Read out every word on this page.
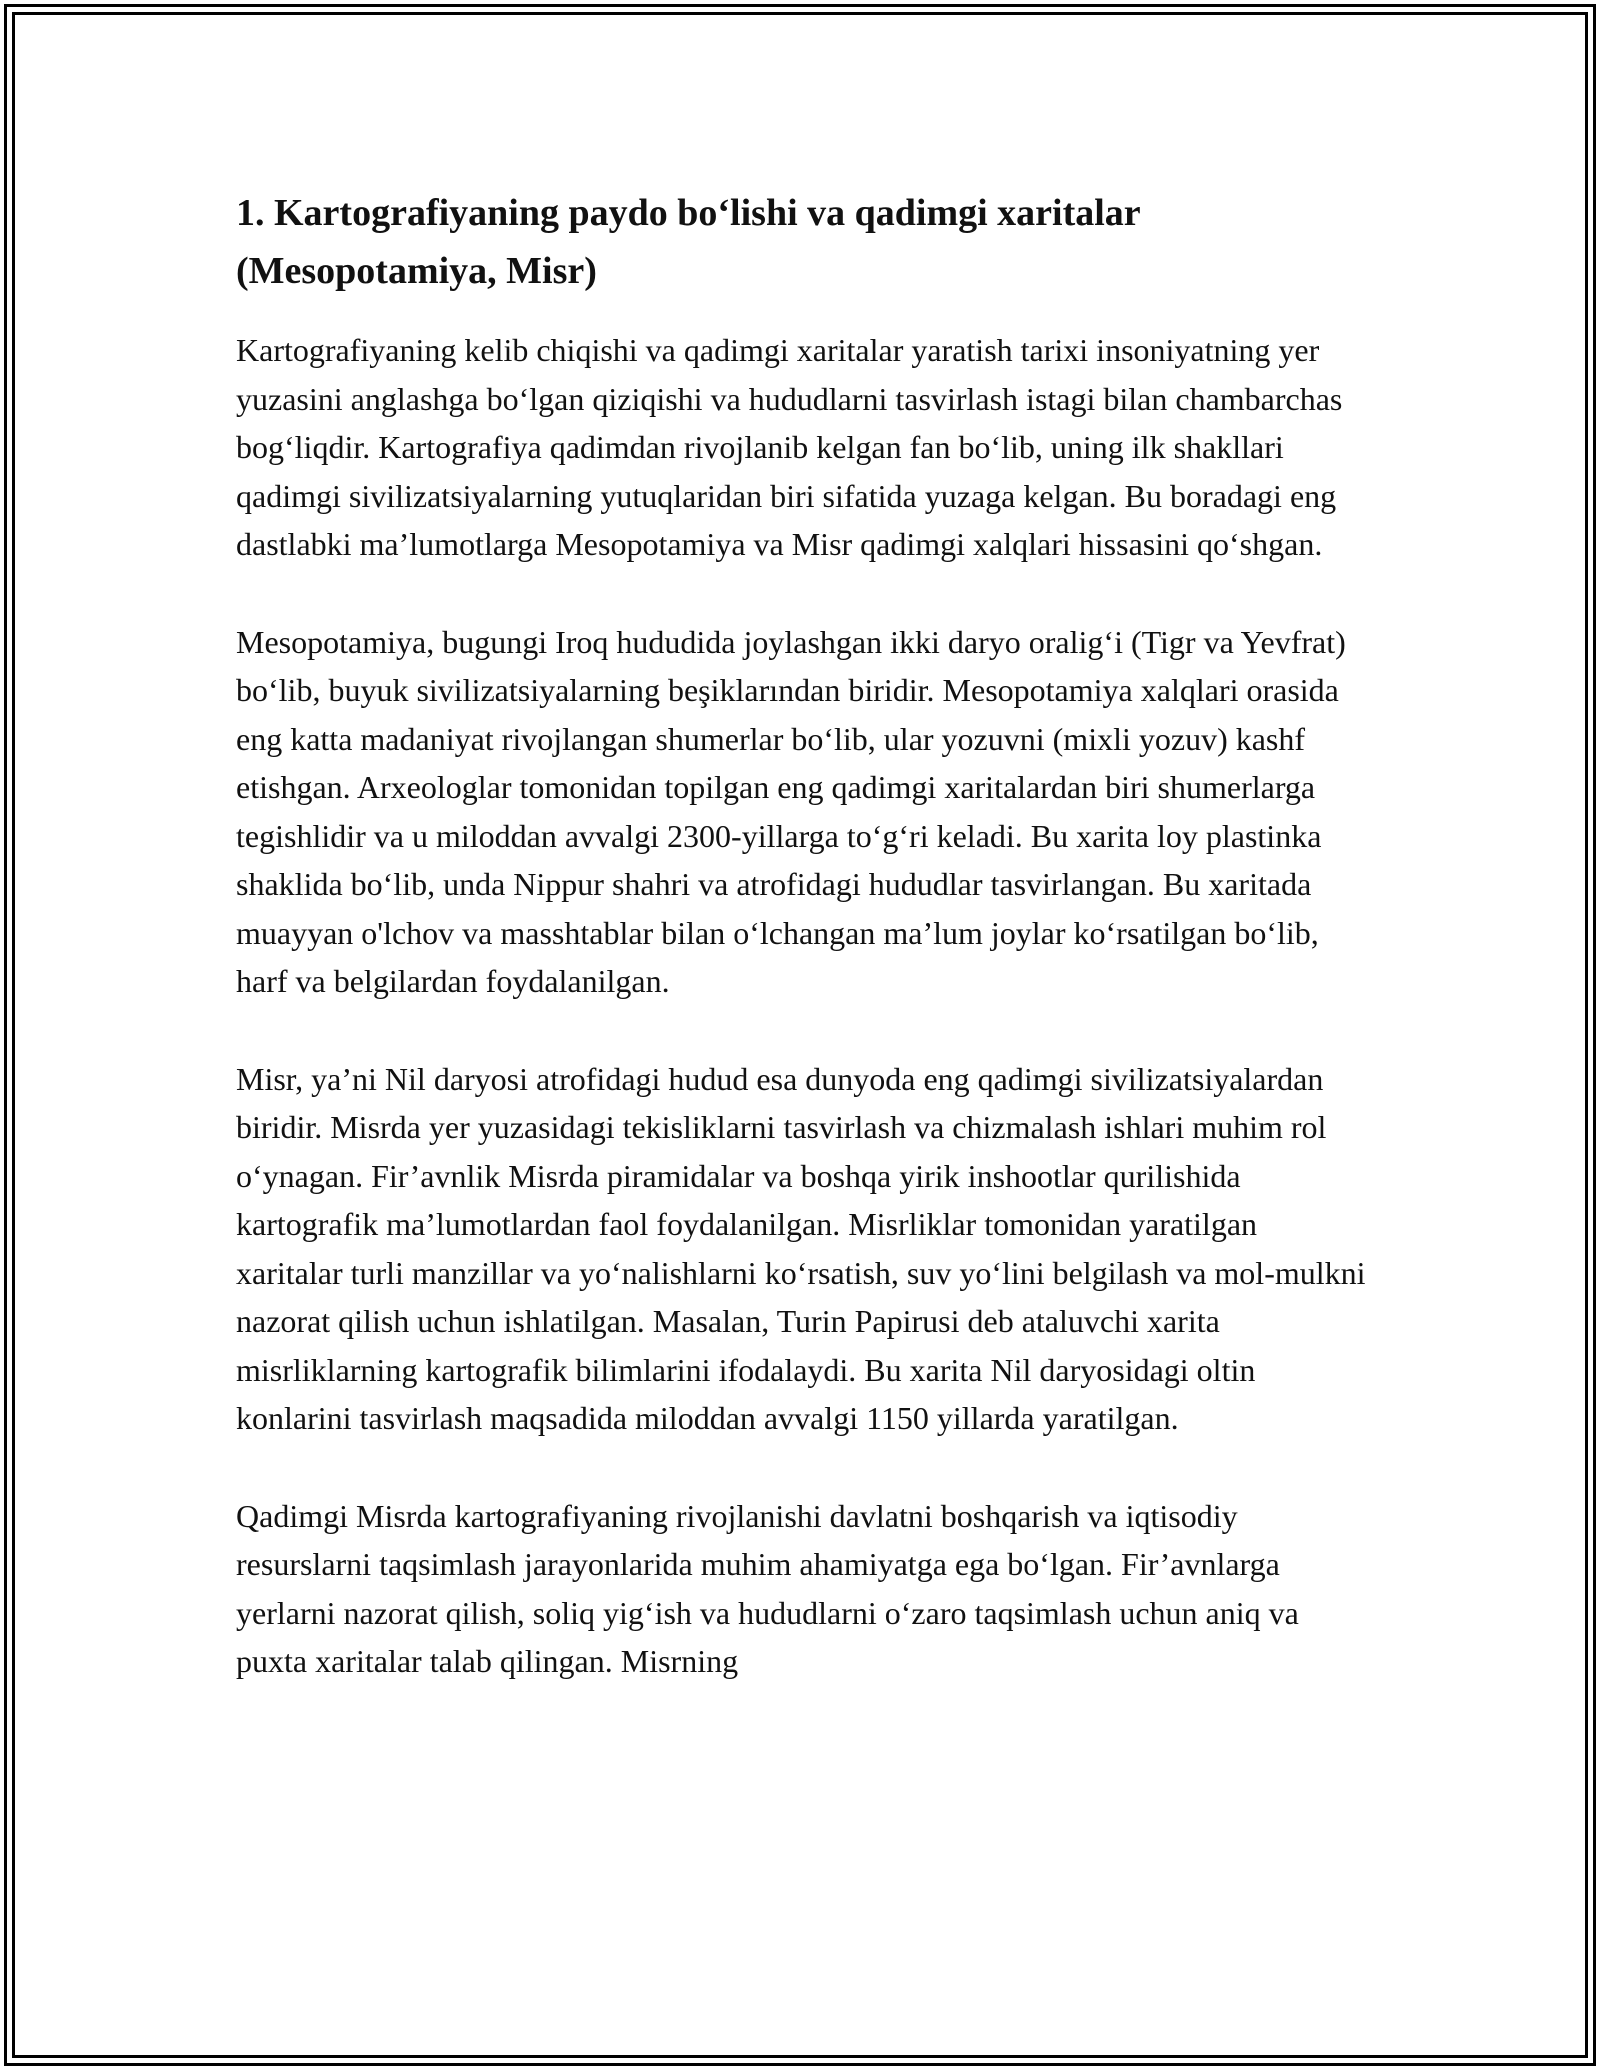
1. Kartografiyaning paydo bo‘lishi va qadimgi xaritalar (Mesopotamiya, Misr)

Kartografiyaning kelib chiqishi va qadimgi xaritalar yaratish tarixi insoniyatning yer yuzasini anglashga bo‘lgan qiziqishi va hududlarni tasvirlash istagi bilan chambarchas bog‘liqdir. Kartografiya qadimdan rivojlanib kelgan fan bo‘lib, uning ilk shakllari qadimgi sivilizatsiyalarning yutuqlaridan biri sifatida yuzaga kelgan. Bu boradagi eng dastlabki ma’lumotlarga Mesopotamiya va Misr qadimgi xalqlari hissasini qo‘shgan.

Mesopotamiya, bugungi Iroq hududida joylashgan ikki daryo oralig‘i (Tigr va Yevfrat) bo‘lib, buyuk sivilizatsiyalarning beşiklarından biridir. Mesopotamiya xalqlari orasida eng katta madaniyat rivojlangan shumerlar bo‘lib, ular yozuvni (mixli yozuv) kashf etishgan. Arxeologlar tomonidan topilgan eng qadimgi xaritalardan biri shumerlarga tegishlidir va u miloddan avvalgi 2300-yillarga to‘g‘ri keladi. Bu xarita loy plastinka shaklida bo‘lib, unda Nippur shahri va atrofidagi hududlar tasvirlangan. Bu xaritada muayyan o'lchov va masshtablar bilan o‘lchangan ma’lum joylar ko‘rsatilgan bo‘lib, harf va belgilardan foydalanilgan.

Misr, ya’ni Nil daryosi atrofidagi hudud esa dunyoda eng qadimgi sivilizatsiyalardan biridir. Misrda yer yuzasidagi tekisliklarni tasvirlash va chizmalash ishlari muhim rol o‘ynagan. Fir’avnlik Misrda piramidalar va boshqa yirik inshootlar qurilishida kartografik ma’lumotlardan faol foydalanilgan. Misrliklar tomonidan yaratilgan xaritalar turli manzillar va yo‘nalishlarni ko‘rsatish, suv yo‘lini belgilash va mol-mulkni nazorat qilish uchun ishlatilgan. Masalan, Turin Papirusi deb ataluvchi xarita misrliklarning kartografik bilimlarini ifodalaydi. Bu xarita Nil daryosidagi oltin konlarini tasvirlash maqsadida miloddan avvalgi 1150 yillarda yaratilgan.

Qadimgi Misrda kartografiyaning rivojlanishi davlatni boshqarish va iqtisodiy resurslarni taqsimlash jarayonlarida muhim ahamiyatga ega bo‘lgan. Fir’avnlarga yerlarni nazorat qilish, soliq yig‘ish va hududlarni o‘zaro taqsimlash uchun aniq va puxta xaritalar talab qilingan. Misrning
